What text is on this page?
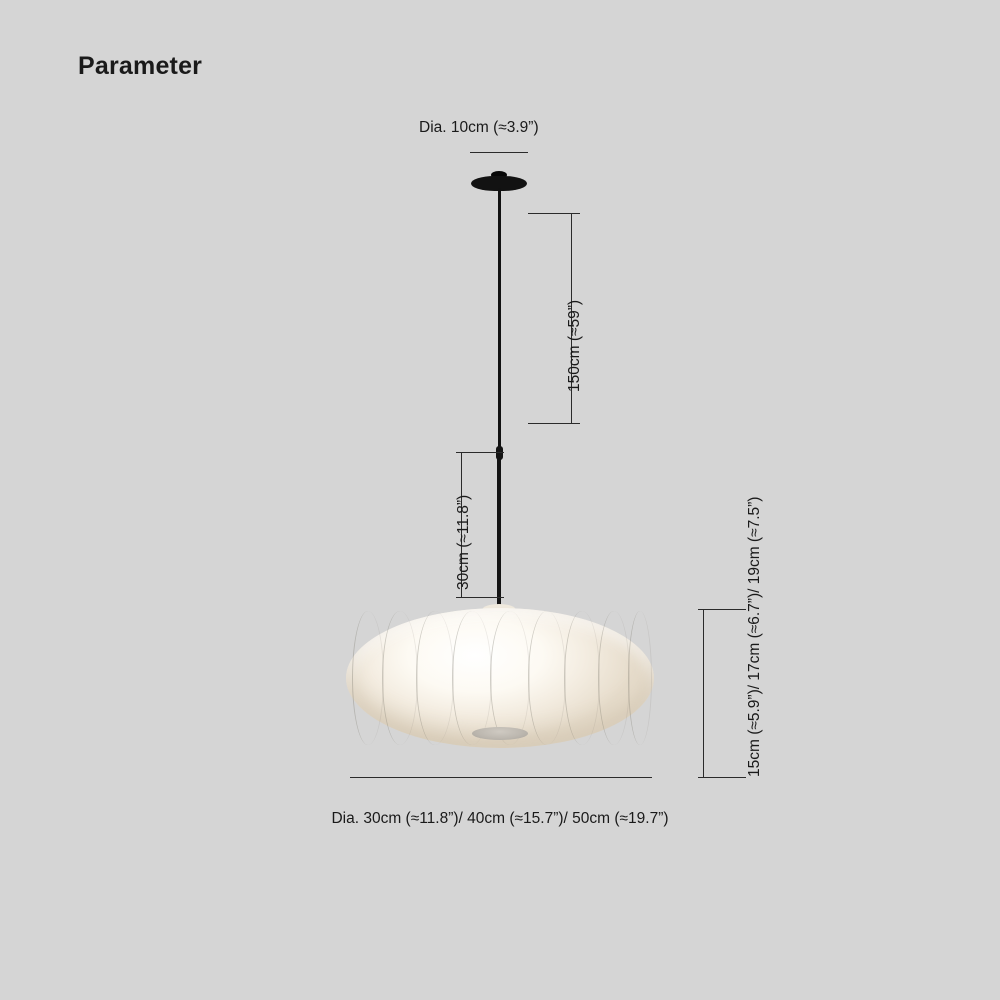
Parameter
Dia. 10cm (≈3.9”)
150cm (≈59”)
30cm (≈11.8”)	15cm (≈5.9”)/ 17cm (≈6.7”)/ 19cm (≈7.5”)
Dia. 30cm (≈11.8”)/ 40cm (≈15.7”)/ 50cm (≈19.7”)
